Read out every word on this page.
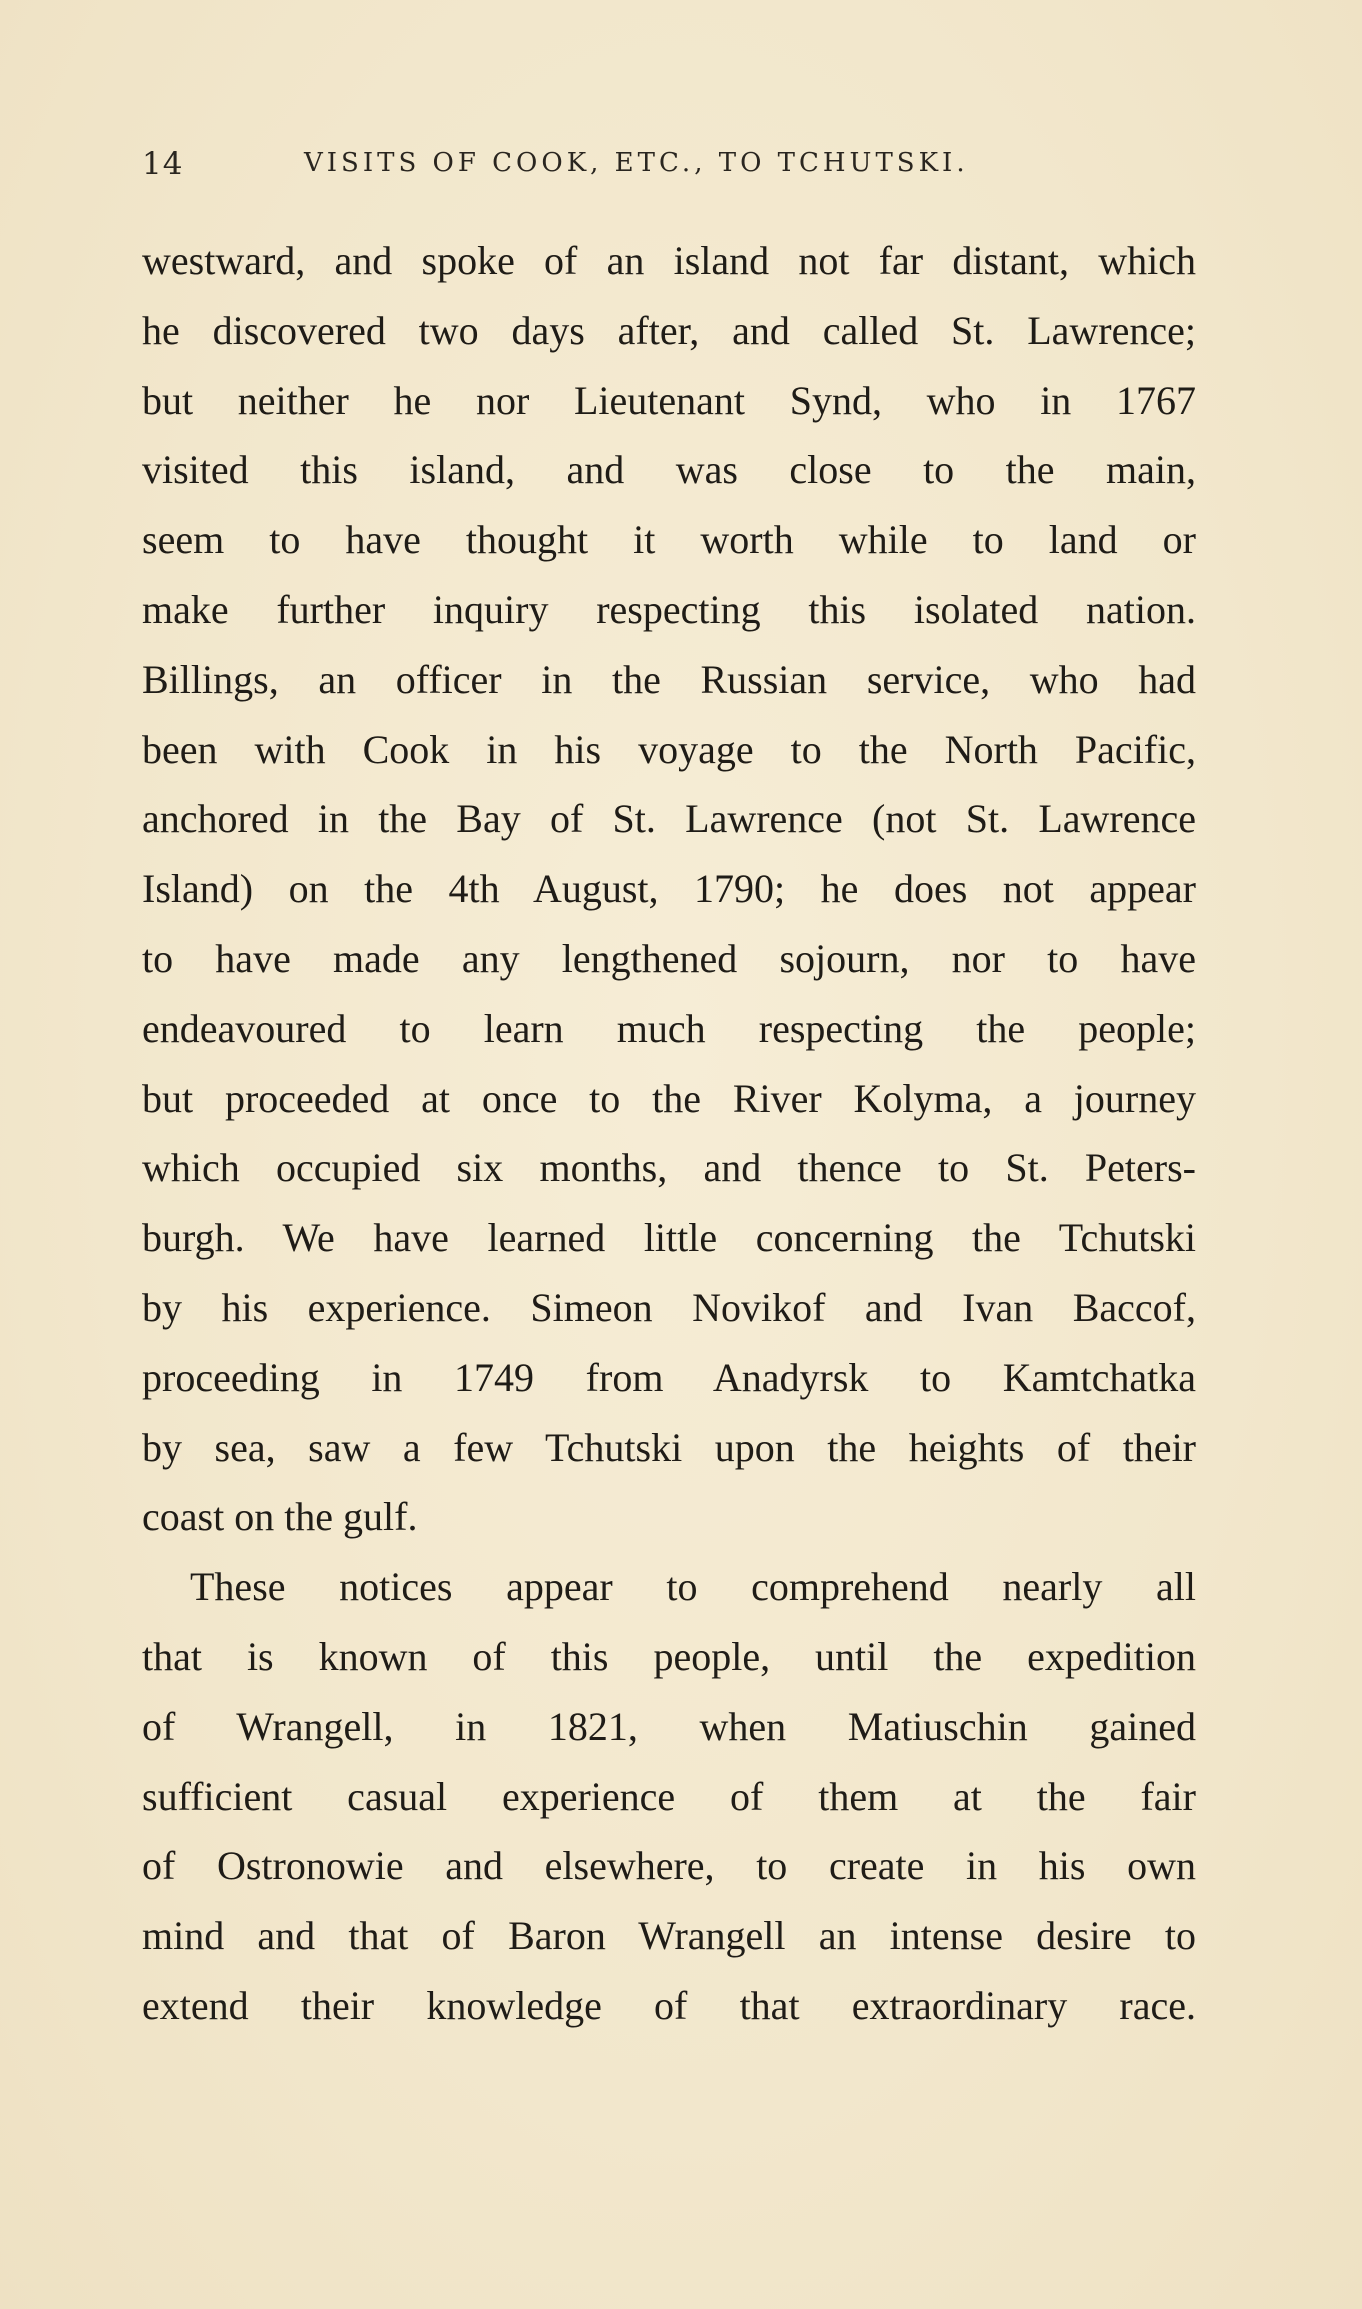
14	VISITS OF COOK, ETC., TO TCHUTSKI.
westward, and spoke of an island not far distant, which
he discovered two days after, and called St. Lawrence;
but neither he nor Lieutenant Synd, who in 1767
visited this island, and was close to the main,
seem to have thought it worth while to land or
make further inquiry respecting this isolated nation.
Billings, an officer in the Russian service, who had
been with Cook in his voyage to the North Pacific,
anchored in the Bay of St. Lawrence (not St. Lawrence
Island) on the 4th August, 1790; he does not appear
to have made any lengthened sojourn, nor to have
endeavoured to learn much respecting the people;
but proceeded at once to the River Kolyma, a journey
which occupied six months, and thence to St. Peters-
burgh. We have learned little concerning the Tchutski
by his experience. Simeon Novikof and Ivan Baccof,
proceeding in 1749 from Anadyrsk to Kamtchatka
by sea, saw a few Tchutski upon the heights of their
coast on the gulf.
These notices appear to comprehend nearly all
that is known of this people, until the expedition
of Wrangell, in 1821, when Matiuschin gained
sufficient casual experience of them at the fair
of Ostronowie and elsewhere, to create in his own
mind and that of Baron Wrangell an intense desire to
extend their knowledge of that extraordinary race.
